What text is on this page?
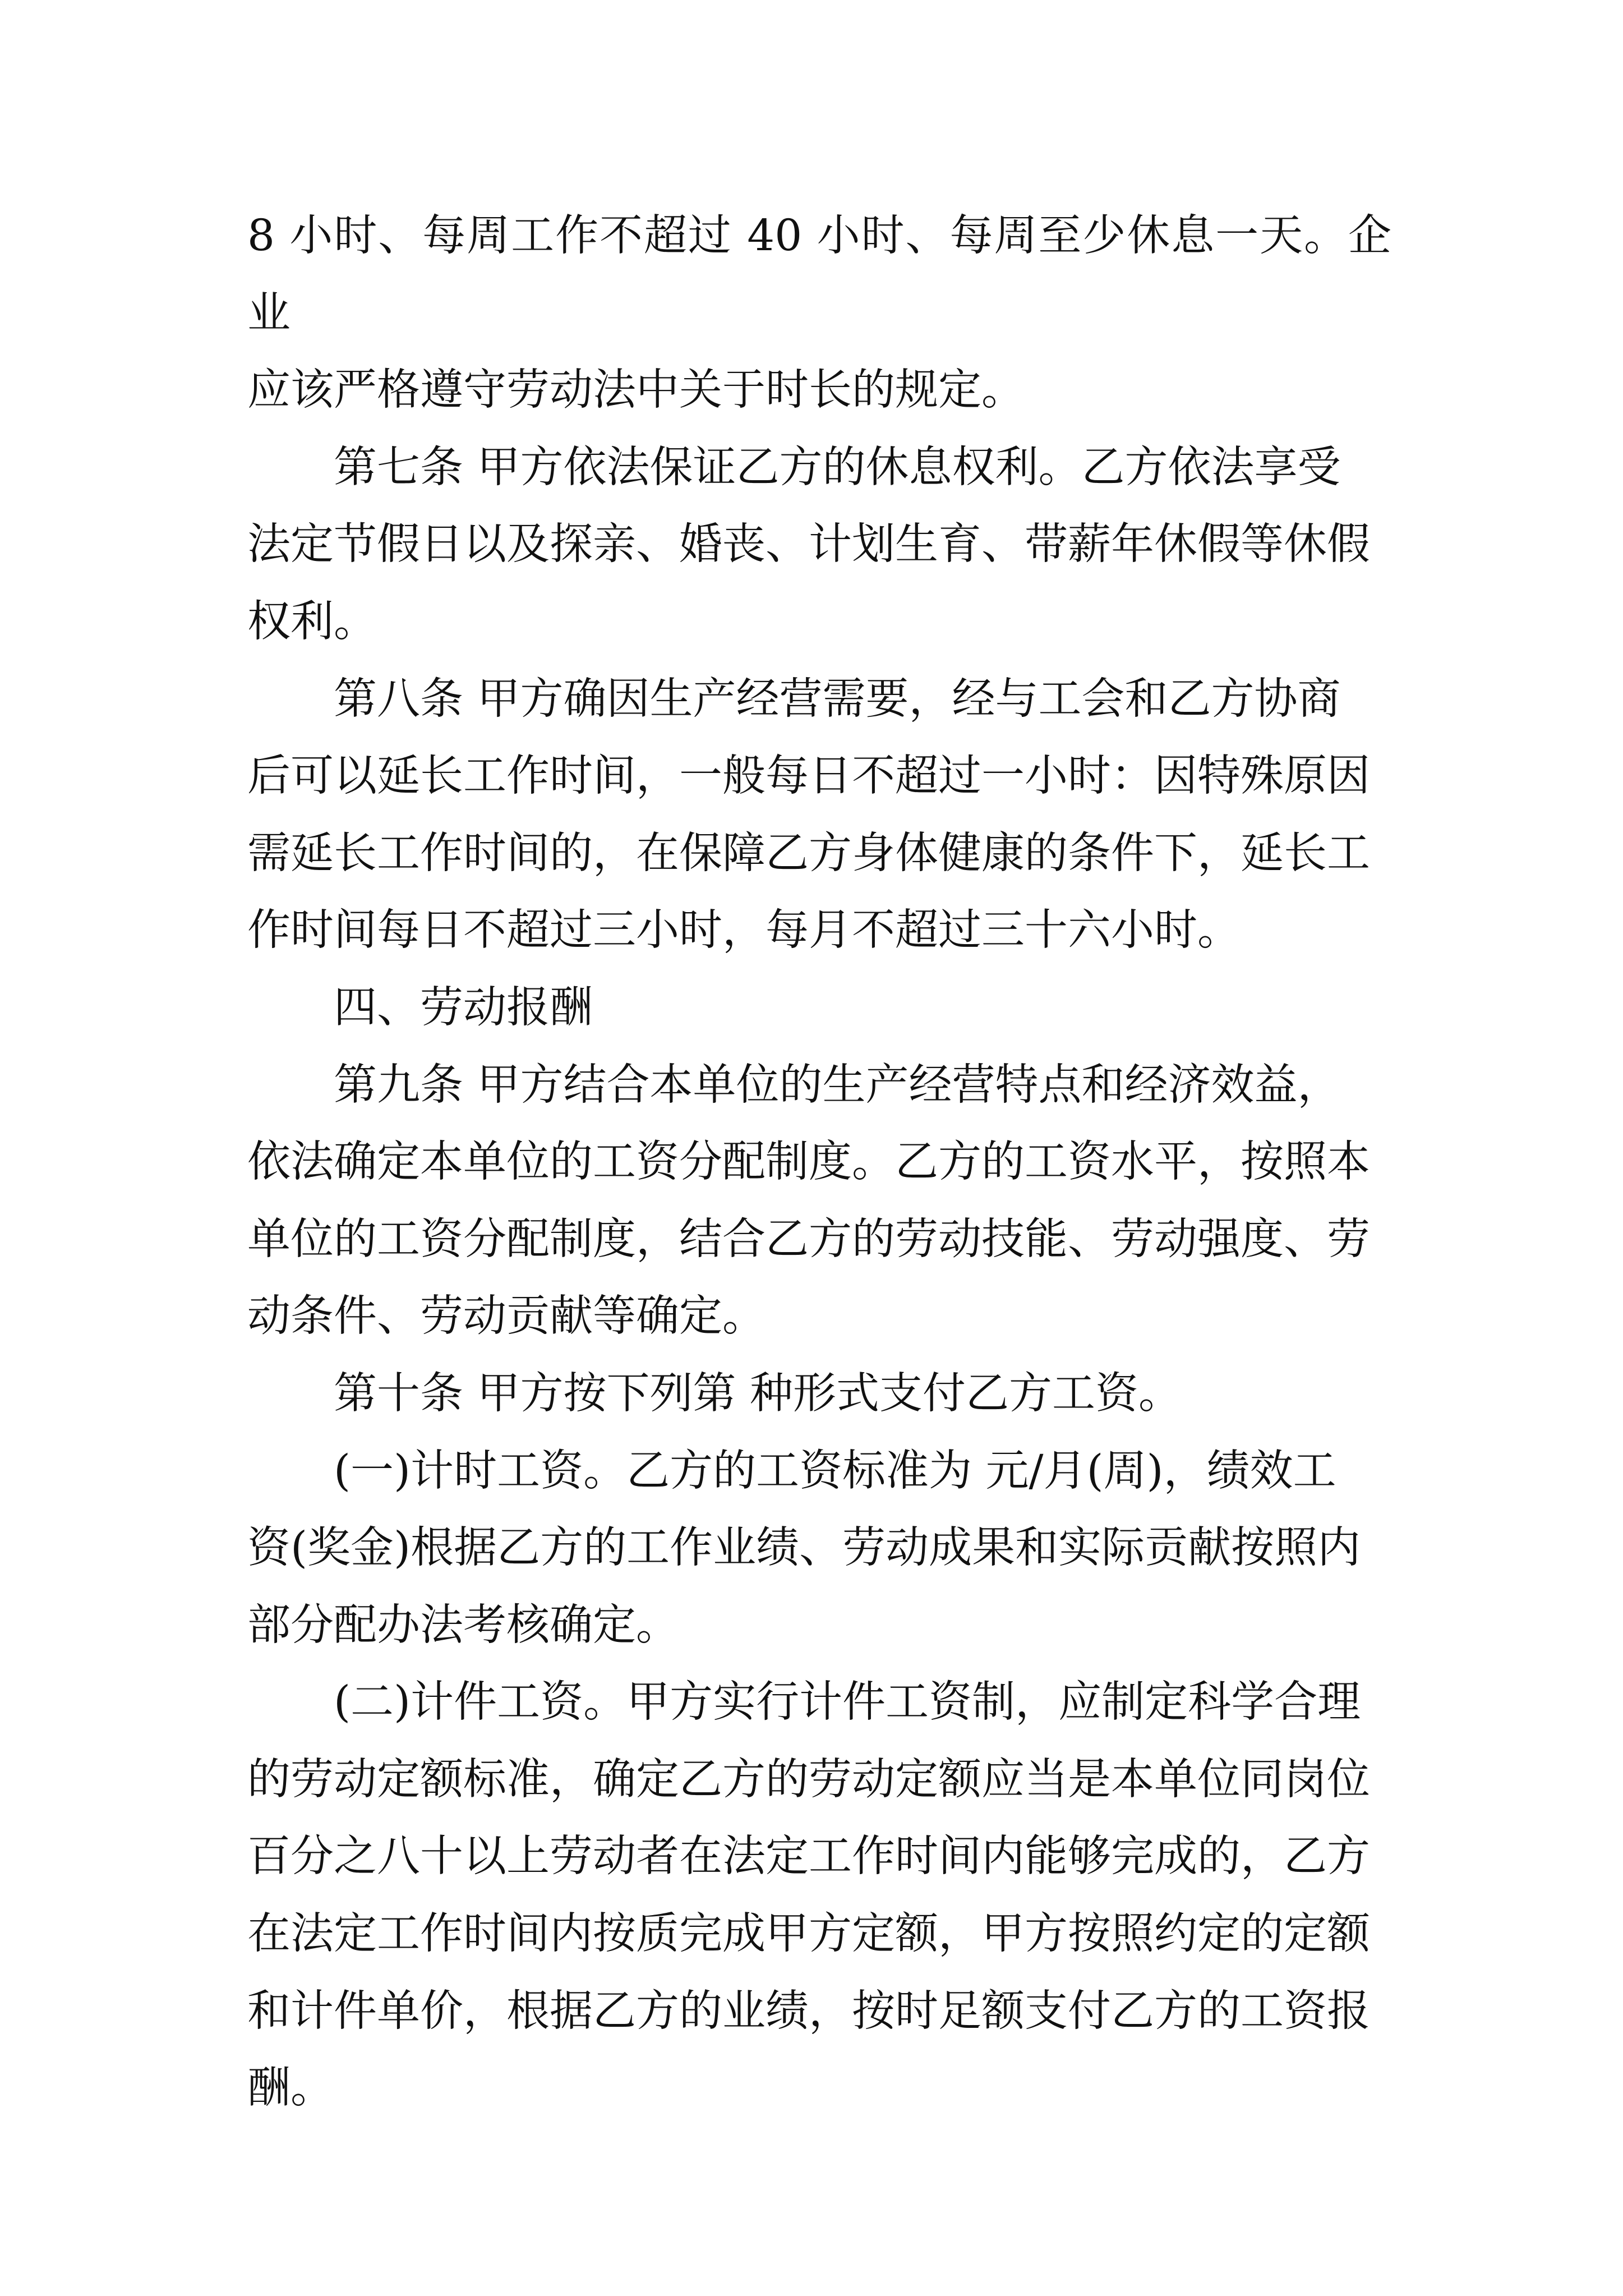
8 小时、每周工作不超过 40 小时、每周至少休息一天。企业
应该严格遵守劳动法中关于时长的规定。

第七条 甲方依法保证乙方的休息权利。乙方依法享受
法定节假日以及探亲、婚丧、计划生育、带薪年休假等休假
权利。

第八条 甲方确因生产经营需要，经与工会和乙方协商
后可以延长工作时间，一般每日不超过一小时：因特殊原因
需延长工作时间的，在保障乙方身体健康的条件下，延长工
作时间每日不超过三小时，每月不超过三十六小时。

四、劳动报酬

第九条 甲方结合本单位的生产经营特点和经济效益，
依法确定本单位的工资分配制度。乙方的工资水平，按照本
单位的工资分配制度，结合乙方的劳动技能、劳动强度、劳
动条件、劳动贡献等确定。

第十条 甲方按下列第 种形式支付乙方工资。

(一)计时工资。乙方的工资标准为 元/月(周)，绩效工
资(奖金)根据乙方的工作业绩、劳动成果和实际贡献按照内
部分配办法考核确定。

(二)计件工资。甲方实行计件工资制，应制定科学合理
的劳动定额标准，确定乙方的劳动定额应当是本单位同岗位
百分之八十以上劳动者在法定工作时间内能够完成的，乙方
在法定工作时间内按质完成甲方定额，甲方按照约定的定额
和计件单价，根据乙方的业绩，按时足额支付乙方的工资报
酬。
